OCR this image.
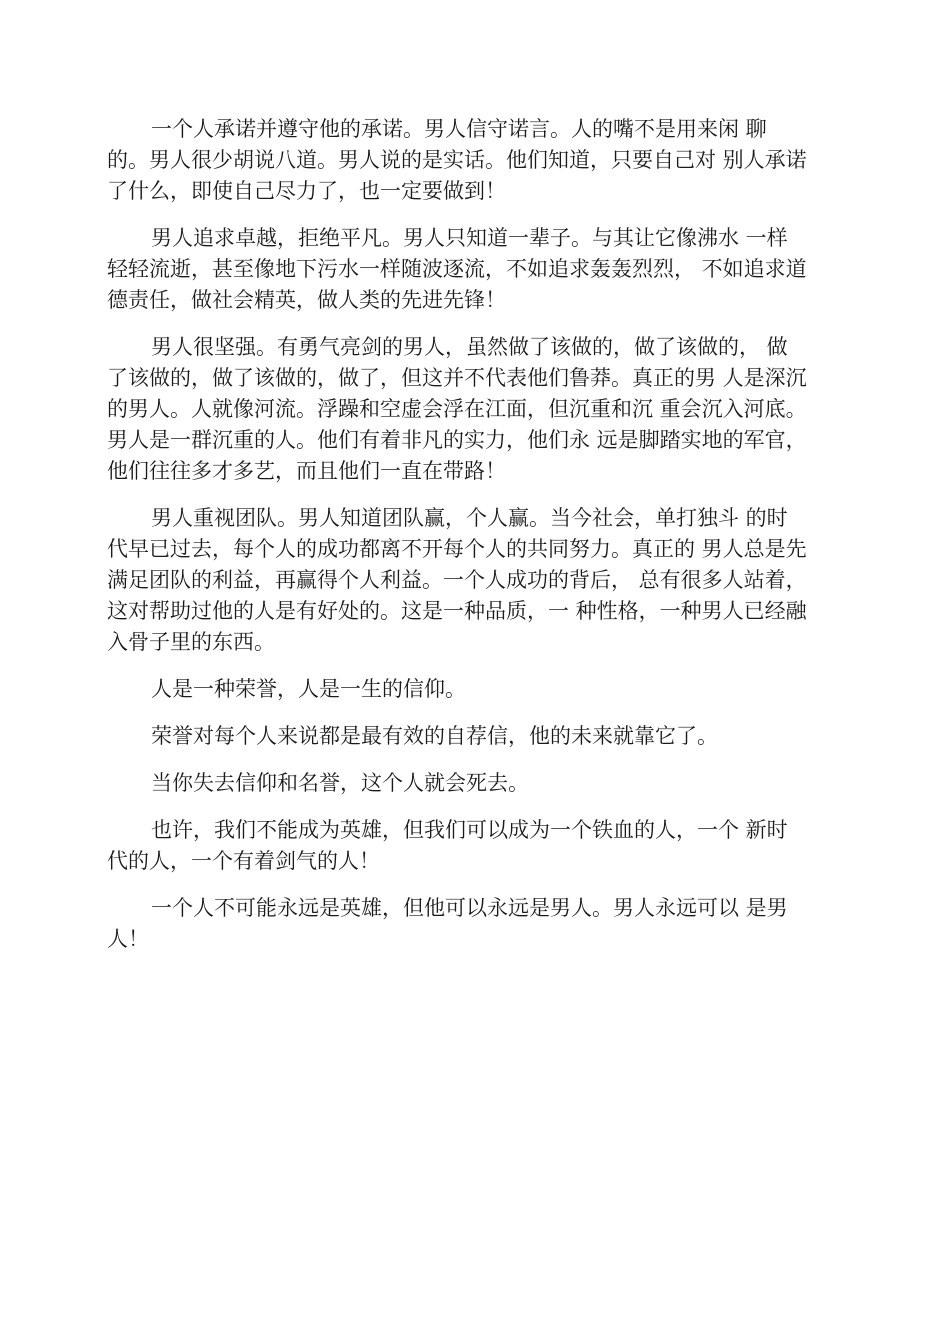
一个人承诺并遵守他的承诺。男人信守诺言。人的嘴不是用来闲 聊
的。男人很少胡说八道。男人说的是实话。他们知道，只要自己对 别人承诺
了什么，即使自己尽力了，也一定要做到！

男人追求卓越，拒绝平凡。男人只知道一辈子。与其让它像沸水 一样
轻轻流逝，甚至像地下污水一样随波逐流，不如追求轰轰烈烈， 不如追求道
德责任，做社会精英，做人类的先进先锋！

男人很坚强。有勇气亮剑的男人，虽然做了该做的，做了该做的， 做
了该做的，做了该做的，做了，但这并不代表他们鲁莽。真正的男 人是深沉
的男人。人就像河流。浮躁和空虚会浮在江面，但沉重和沉 重会沉入河底。
男人是一群沉重的人。他们有着非凡的实力，他们永 远是脚踏实地的军官，
他们往往多才多艺，而且他们一直在带路！

男人重视团队。男人知道团队赢，个人赢。当今社会，单打独斗 的时
代早已过去，每个人的成功都离不开每个人的共同努力。真正的 男人总是先
满足团队的利益，再赢得个人利益。一个人成功的背后， 总有很多人站着，
这对帮助过他的人是有好处的。这是一种品质，一 种性格，一种男人已经融
入骨子里的东西。

人是一种荣誉，人是一生的信仰。

荣誉对每个人来说都是最有效的自荐信，他的未来就靠它了。

当你失去信仰和名誉，这个人就会死去。

也许，我们不能成为英雄，但我们可以成为一个铁血的人，一个 新时
代的人，一个有着剑气的人！

一个人不可能永远是英雄，但他可以永远是男人。男人永远可以 是男
人！
